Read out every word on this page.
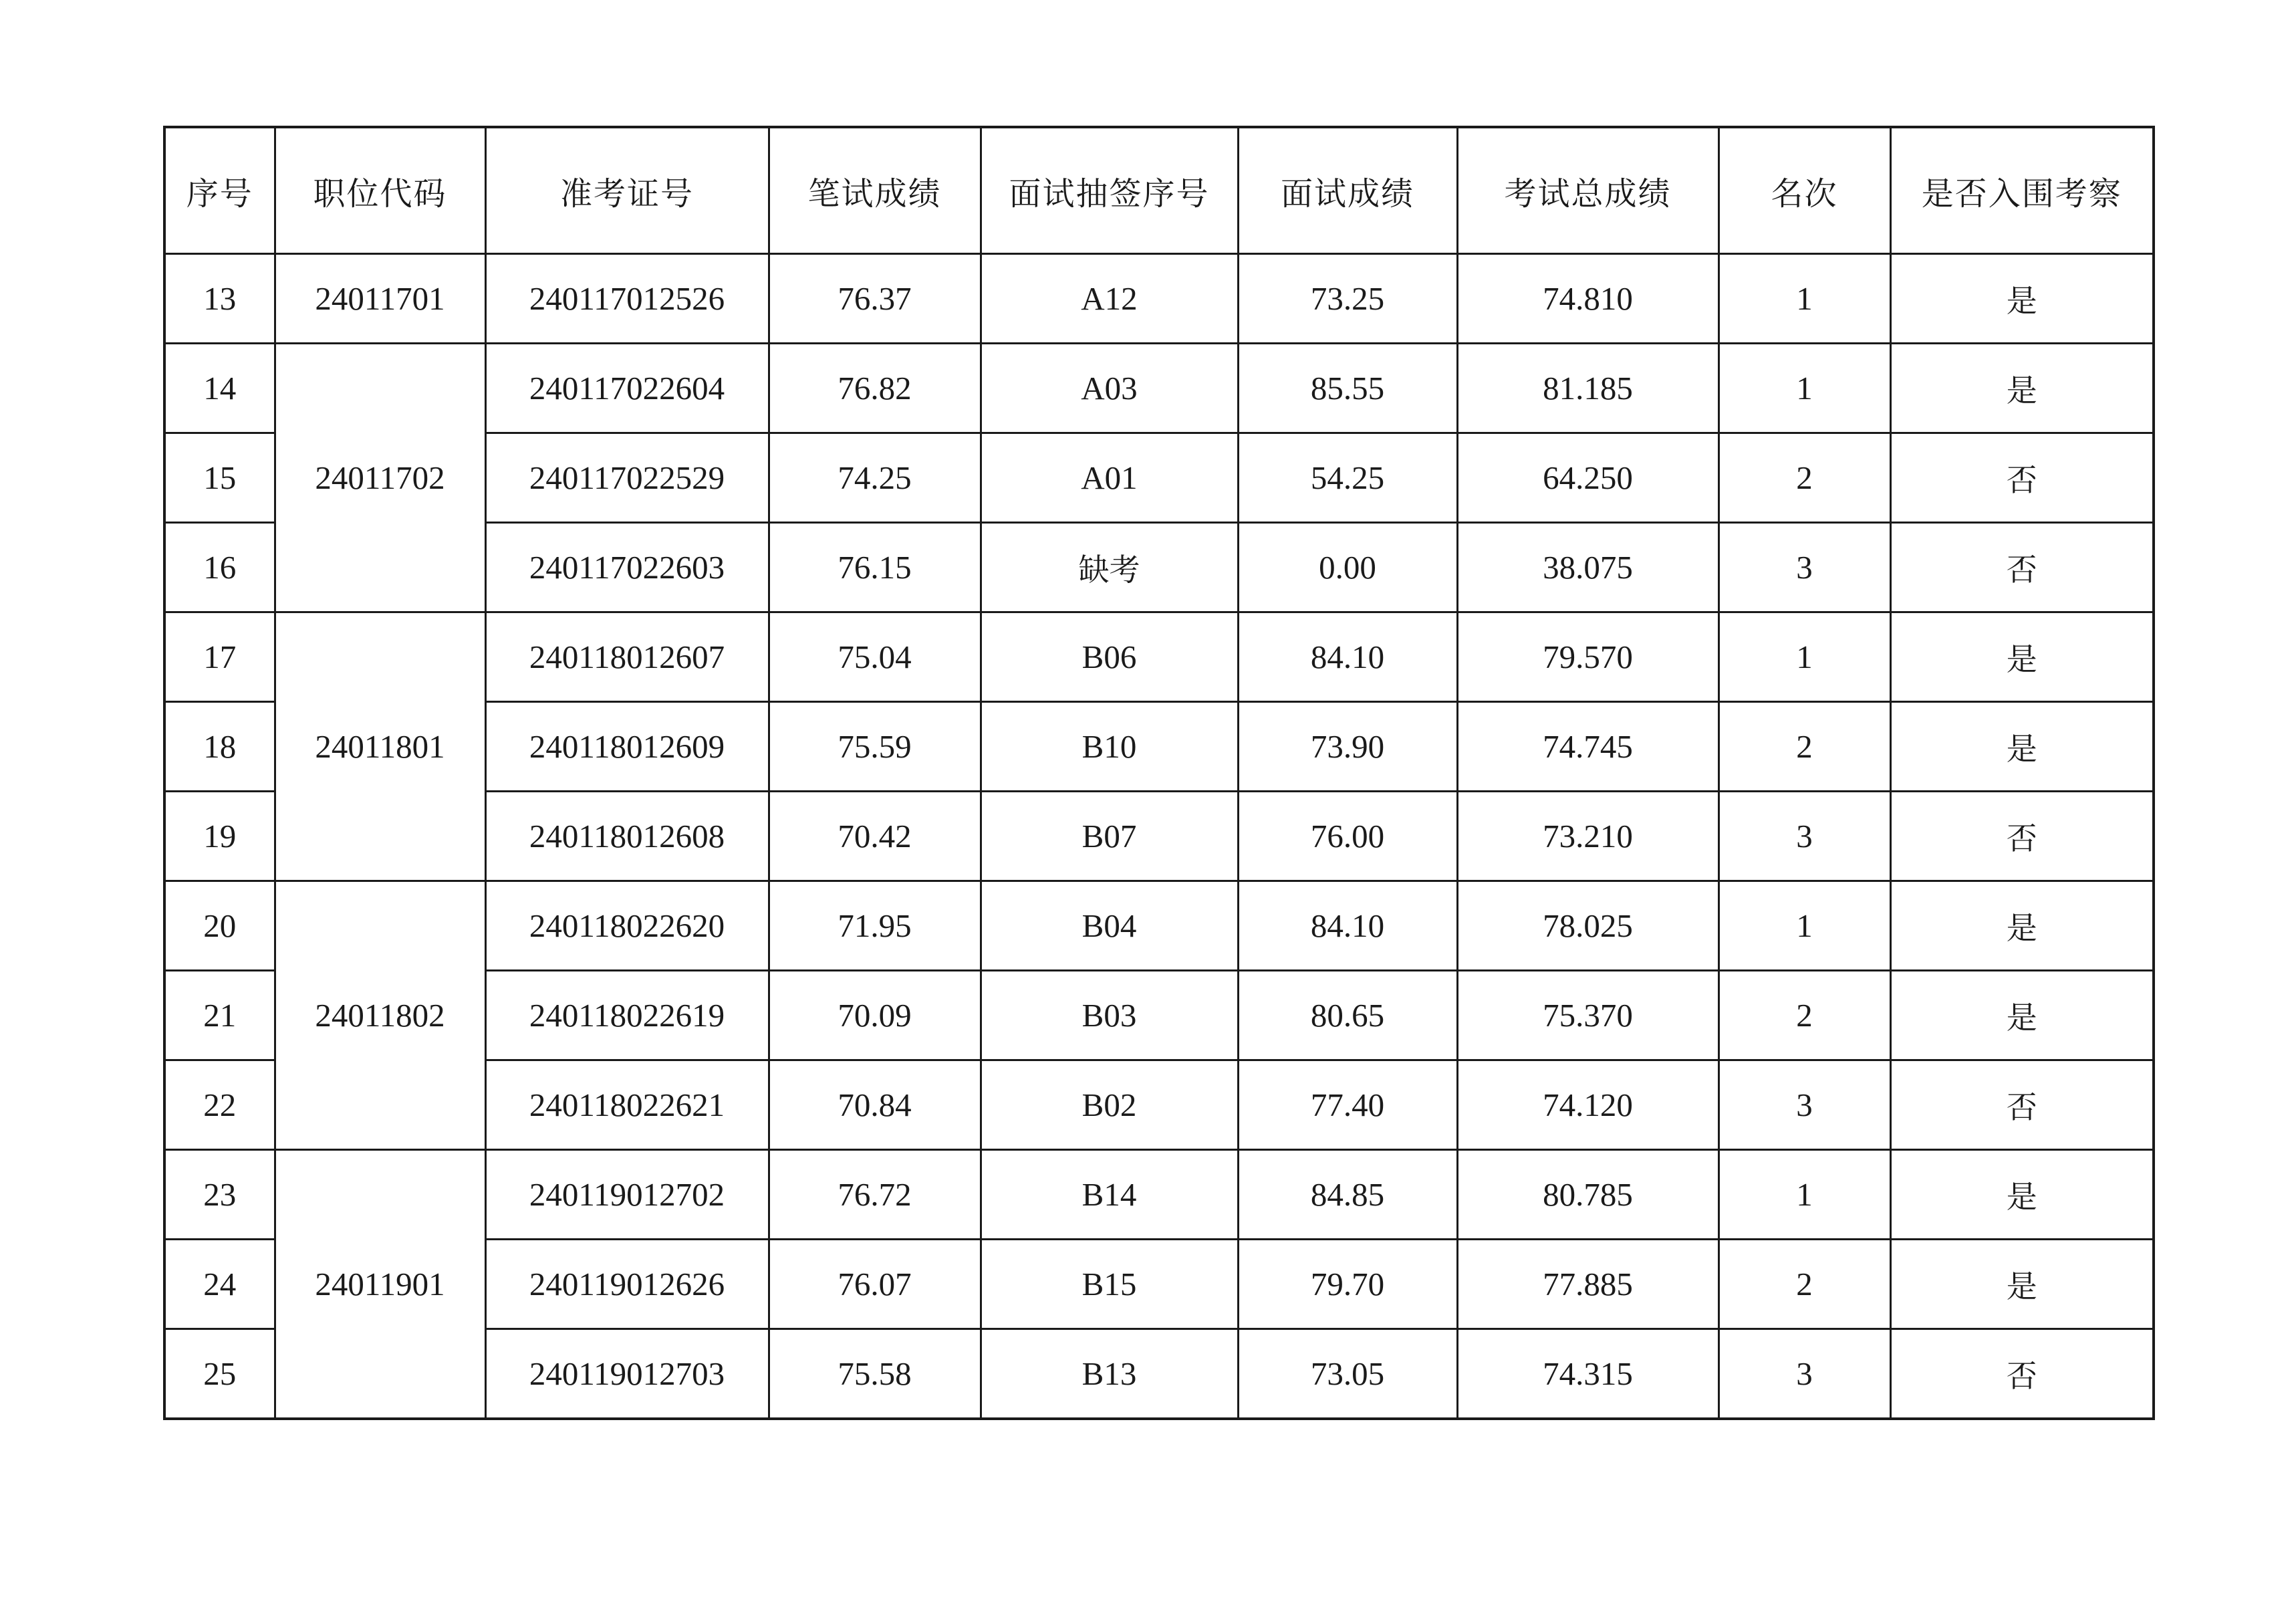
序号	职位代码	准考证号	笔试成绩	面试抽签序号	面试成绩	考试总成绩	名次	是否入围考察
13	24011701	240117012526	76.37	A12	73.25	74.810	1	是
14	24011702	240117022604	76.82	A03	85.55	81.185	1	是
15		240117022529	74.25	A01	54.25	64.250	2	否
16		240117022603	76.15	缺考	0.00	38.075	3	否
17	24011801	240118012607	75.04	B06	84.10	79.570	1	是
18		240118012609	75.59	B10	73.90	74.745	2	是
19		240118012608	70.42	B07	76.00	73.210	3	否
20	24011802	240118022620	71.95	B04	84.10	78.025	1	是
21		240118022619	70.09	B03	80.65	75.370	2	是
22		240118022621	70.84	B02	77.40	74.120	3	否
23	24011901	240119012702	76.72	B14	84.85	80.785	1	是
24		240119012626	76.07	B15	79.70	77.885	2	是
25		240119012703	75.58	B13	73.05	74.315	3	否
